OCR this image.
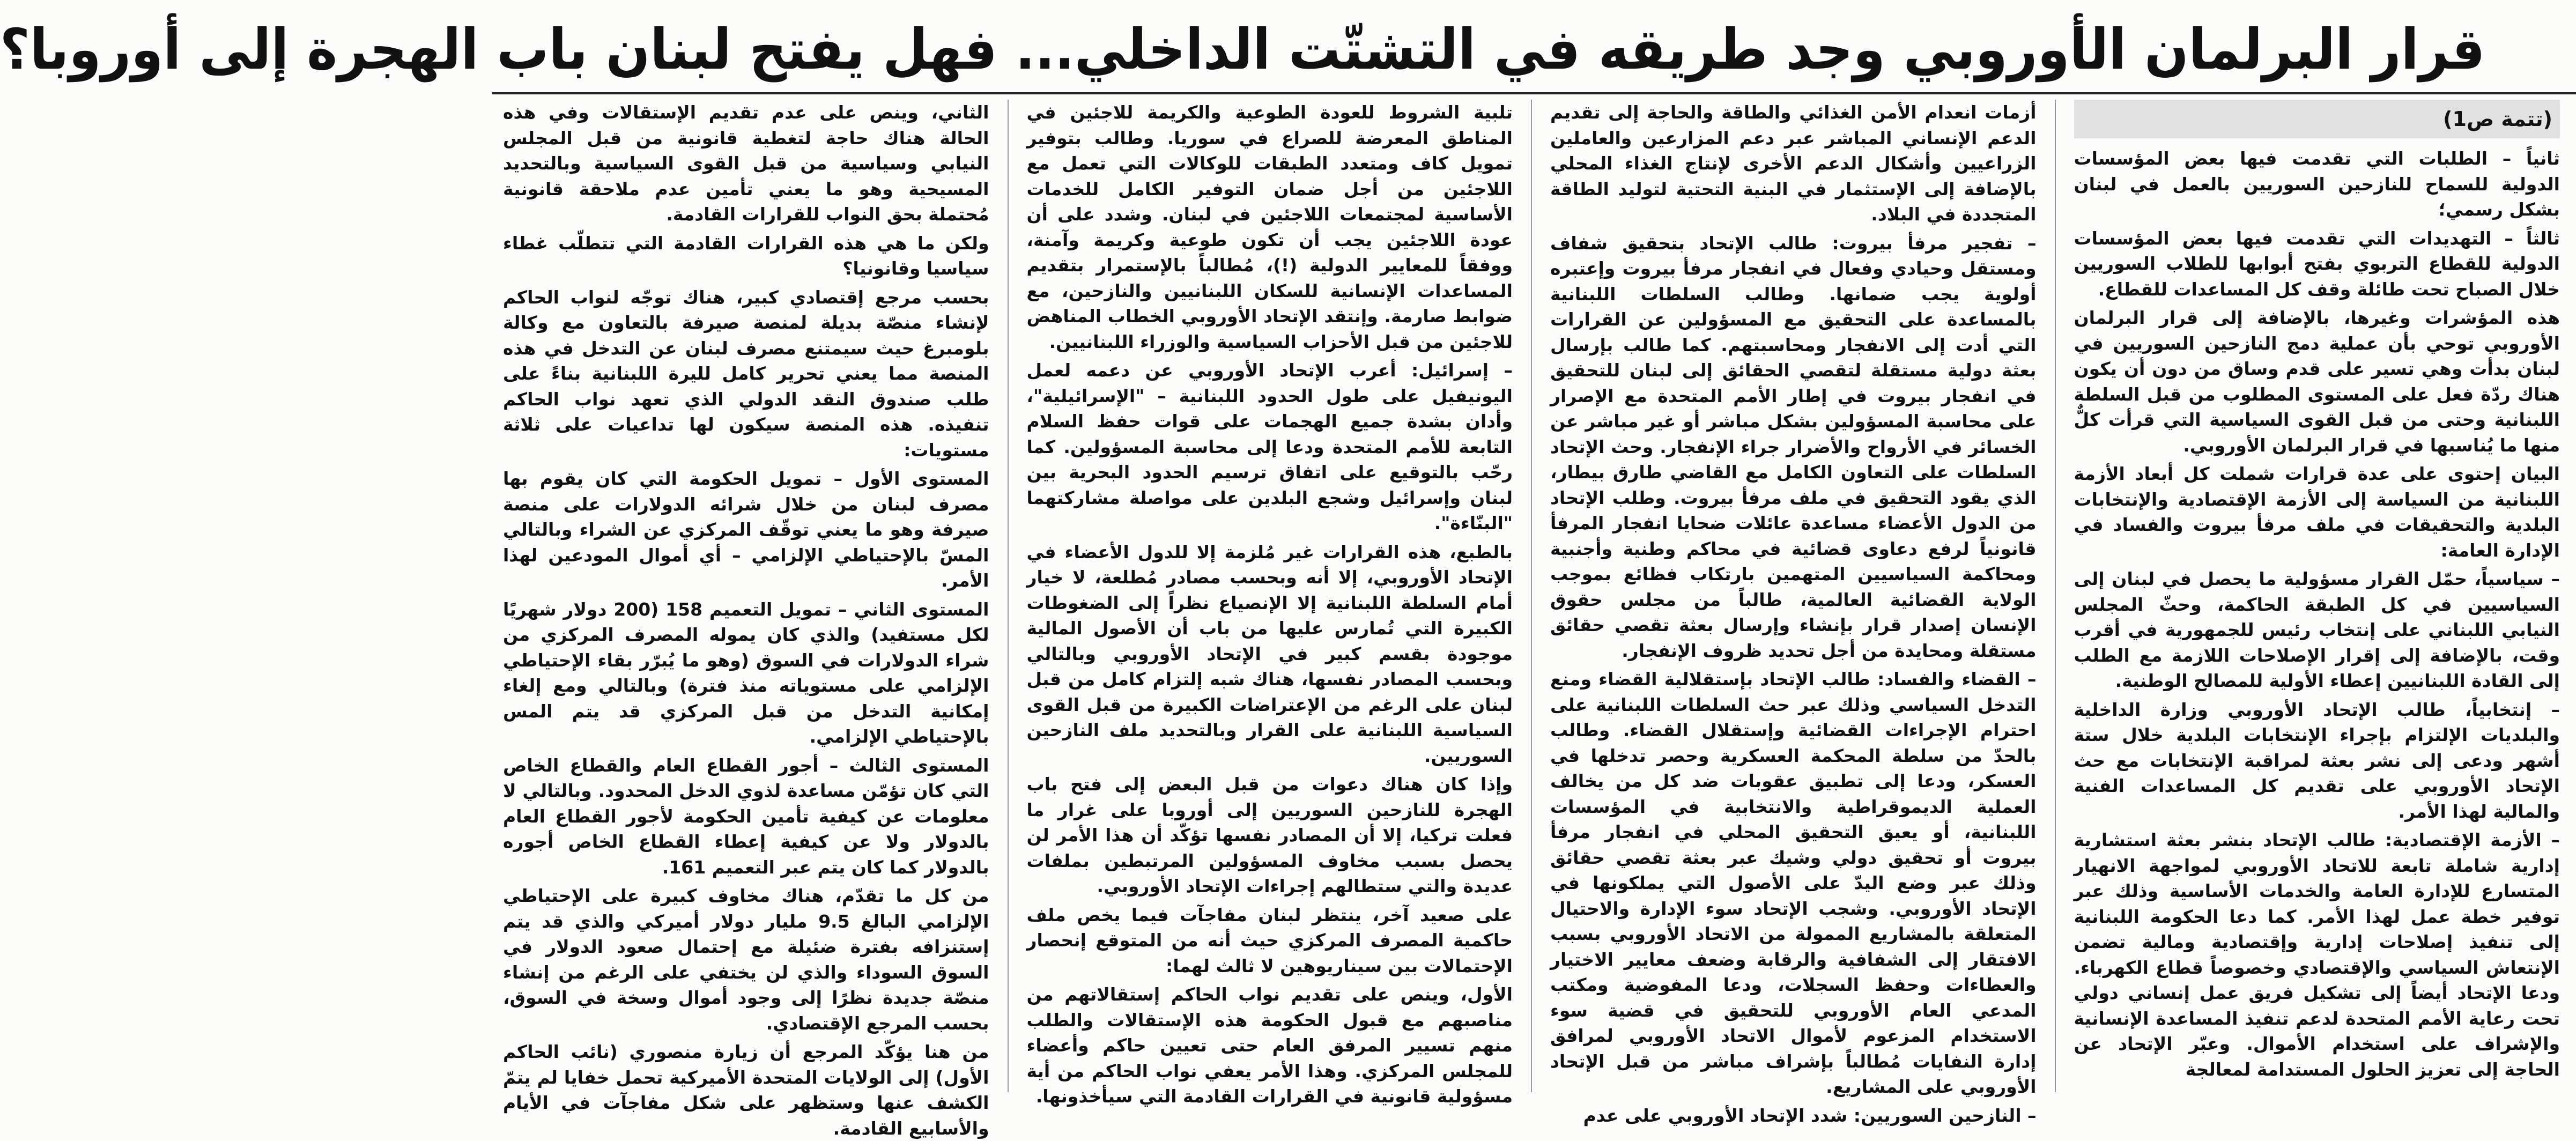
قرار البرلمان الأوروبي وجد طريقه في التشتّت الداخلي... فهل يفتح لبنان باب الهجرة إلى أوروبا؟
(تتمة ص1)

ثانياً – الطلبات التي تقدمت فيها بعض المؤسسات الدولية للسماح للنازحين السوريين بالعمل في لبنان بشكل رسمي؛

ثالثاً – التهديدات التي تقدمت فيها بعض المؤسسات الدولية للقطاع التربوي بفتح أبوابها للطلاب السوريين خلال الصباح تحت طائلة وقف كل المساعدات للقطاع.

هذه المؤشرات وغيرها، بالإضافة إلى قرار البرلمان الأوروبي توحي بأن عملية دمج النازحين السوريين في لبنان بدأت وهي تسير على قدم وساق من دون أن يكون هناك ردّة فعل على المستوى المطلوب من قبل السلطة اللبنانية وحتى من قبل القوى السياسية التي قرأت كلٌّ منها ما يُناسبها في قرار البرلمان الأوروبي.

البيان إحتوى على عدة قرارات شملت كل أبعاد الأزمة اللبنانية من السياسة إلى الأزمة الإقتصادية والإنتخابات البلدية والتحقيقات في ملف مرفأ بيروت والفساد في الإدارة العامة:

– سياسياً، حمّل القرار مسؤولية ما يحصل في لبنان إلى السياسيين في كل الطبقة الحاكمة، وحثّ المجلس النيابي اللبناني على إنتخاب رئيس للجمهورية في أقرب وقت، بالإضافة إلى إقرار الإصلاحات اللازمة مع الطلب إلى القادة اللبنانيين إعطاء الأولية للمصالح الوطنية.

– إنتخابياً، طالب الإتحاد الأوروبي وزارة الداخلية والبلديات الإلتزام بإجراء الإنتخابات البلدية خلال ستة أشهر ودعى إلى نشر بعثة لمراقبة الإنتخابات مع حث الإتحاد الأوروبي على تقديم كل المساعدات الفنية والمالية لهذا الأمر.

– الأزمة الإقتصادية: طالب الإتحاد بنشر بعثة استشارية إدارية شاملة تابعة للاتحاد الأوروبي لمواجهة الانهيار المتسارع للإدارة العامة والخدمات الأساسية وذلك عبر توفير خطة عمل لهذا الأمر. كما دعا الحكومة اللبنانية إلى تنفيذ إصلاحات إدارية وإقتصادية ومالية تضمن الإنتعاش السياسي والإقتصادي وخصوصاً قطاع الكهرباء. ودعا الإتحاد أيضاً إلى تشكيل فريق عمل إنساني دولي تحت رعاية الأمم المتحدة لدعم تنفيذ المساعدة الإنسانية والإشراف على استخدام الأموال. وعبّر الإتحاد عن الحاجة إلى تعزيز الحلول المستدامة لمعالجة

أزمات انعدام الأمن الغذائي والطاقة والحاجة إلى تقديم الدعم الإنساني المباشر عبر دعم المزارعين والعاملين الزراعيين وأشكال الدعم الأخرى لإنتاج الغذاء المحلي بالإضافة إلى الإستثمار في البنية التحتية لتوليد الطاقة المتجددة في البلاد.

– تفجير مرفأ بيروت: طالب الإتحاد بتحقيق شفاف ومستقل وحيادي وفعال في انفجار مرفأ بيروت وإعتبره أولوية يجب ضمانها. وطالب السلطات اللبنانية بالمساعدة على التحقيق مع المسؤولين عن القرارات التي أدت إلى الانفجار ومحاسبتهم. كما طالب بإرسال بعثة دولية مستقلة لتقصي الحقائق إلى لبنان للتحقيق في انفجار بيروت في إطار الأمم المتحدة مع الإصرار على محاسبة المسؤولين بشكل مباشر أو غير مباشر عن الخسائر في الأرواح والأضرار جراء الإنفجار. وحث الإتحاد السلطات على التعاون الكامل مع القاضي طارق بيطار، الذي يقود التحقيق في ملف مرفأ بيروت. وطلب الإتحاد من الدول الأعضاء مساعدة عائلات ضحايا انفجار المرفأ قانونياً لرفع دعاوى قضائية في محاكم وطنية وأجنبية ومحاكمة السياسيين المتهمين بارتكاب فظائع بموجب الولاية القضائية العالمية، طالباً من مجلس حقوق الإنسان إصدار قرار بإنشاء وإرسال بعثة تقصي حقائق مستقلة ومحايدة من أجل تحديد ظروف الإنفجار.

– القضاء والفساد: طالب الإتحاد بإستقلالية القضاء ومنع التدخل السياسي وذلك عبر حث السلطات اللبنانية على احترام الإجراءات القضائية وإستقلال القضاء. وطالب بالحدّ من سلطة المحكمة العسكرية وحصر تدخلها في العسكر، ودعا إلى تطبيق عقوبات ضد كل من يخالف العملية الديموقراطية والانتخابية في المؤسسات اللبنانية، أو يعيق التحقيق المحلي في انفجار مرفأ بيروت أو تحقيق دولي وشيك عبر بعثة تقصي حقائق وذلك عبر وضع اليدّ على الأصول التي يملكونها في الإتحاد الأوروبي. وشجب الإتحاد سوء الإدارة والاحتيال المتعلقة بالمشاريع الممولة من الاتحاد الأوروبي بسبب الافتقار إلى الشفافية والرقابة وضعف معايير الاختيار والعطاءات وحفظ السجلات، ودعا المفوضية ومكتب المدعي العام الأوروبي للتحقيق في قضية سوء الاستخدام المزعوم لأموال الاتحاد الأوروبي لمرافق إدارة النفايات مُطالباً بإشراف مباشر من قبل الإتحاد الأوروبي على المشاريع.

– النازحين السوريين: شدد الإتحاد الأوروبي على عدم

تلبية الشروط للعودة الطوعية والكريمة للاجئين في المناطق المعرضة للصراع في سوريا. وطالب بتوفير تمويل كاف ومتعدد الطبقات للوكالات التي تعمل مع اللاجئين من أجل ضمان التوفير الكامل للخدمات الأساسية لمجتمعات اللاجئين في لبنان. وشدد على أن عودة اللاجئين يجب أن تكون طوعية وكريمة وآمنة، ووفقاً للمعايير الدولية (!)، مُطالباً بالإستمرار بتقديم المساعدات الإنسانية للسكان اللبنانيين والنازحين، مع ضوابط صارمة. وإنتقد الإتحاد الأوروبي الخطاب المناهض للاجئين من قبل الأحزاب السياسية والوزراء اللبنانيين.

– إسرائيل: أعرب الإتحاد الأوروبي عن دعمه لعمل اليونيفيل على طول الحدود اللبنانية – "الإسرائيلية"، وأدان بشدة جميع الهجمات على قوات حفظ السلام التابعة للأمم المتحدة ودعا إلى محاسبة المسؤولين. كما رحّب بالتوقيع على اتفاق ترسيم الحدود البحرية بين لبنان وإسرائيل وشجع البلدين على مواصلة مشاركتهما "البنّاءة".

بالطبع، هذه القرارات غير مُلزمة إلا للدول الأعضاء في الإتحاد الأوروبي، إلا أنه وبحسب مصادر مُطلعة، لا خيار أمام السلطة اللبنانية إلا الإنصياع نظراً إلى الضغوطات الكبيرة التي تُمارس عليها من باب أن الأصول المالية موجودة بقسم كبير في الإتحاد الأوروبي وبالتالي وبحسب المصادر نفسها، هناك شبه إلتزام كامل من قبل لبنان على الرغم من الإعتراضات الكبيرة من قبل القوى السياسية اللبنانية على القرار وبالتحديد ملف النازحين السوريين.

وإذا كان هناك دعوات من قبل البعض إلى فتح باب الهجرة للنازحين السوريين إلى أوروبا على غرار ما فعلت تركيا، إلا أن المصادر نفسها تؤكّد أن هذا الأمر لن يحصل بسبب مخاوف المسؤولين المرتبطين بملفات عديدة والتي ستطالهم إجراءات الإتحاد الأوروبي.

على صعيد آخر، ينتظر لبنان مفاجآت فيما يخص ملف حاكمية المصرف المركزي حيث أنه من المتوقع إنحصار الإحتمالات بين سيناريوهين لا ثالث لهما:

الأول، وينص على تقديم نواب الحاكم إستقالاتهم من مناصبهم مع قبول الحكومة هذه الإستقالات والطلب منهم تسيير المرفق العام حتى تعيين حاكم وأعضاء للمجلس المركزي. وهذا الأمر يعفي نواب الحاكم من أية مسؤولية قانونية في القرارات القادمة التي سيأخذونها.

الثاني، وينص على عدم تقديم الإستقالات وفي هذه الحالة هناك حاجة لتغطية قانونية من قبل المجلس النيابي وسياسية من قبل القوى السياسية وبالتحديد المسيحية وهو ما يعني تأمين عدم ملاحقة قانونية مُحتملة بحق النواب للقرارات القادمة.

ولكن ما هي هذه القرارات القادمة التي تتطلّب غطاء سياسيا وقانونيا؟

بحسب مرجع إقتصادي كبير، هناك توجّه لنواب الحاكم لإنشاء منصّة بديلة لمنصة صيرفة بالتعاون مع وكالة بلومبرغ حيث سيمتنع مصرف لبنان عن التدخل في هذه المنصة مما يعني تحرير كامل لليرة اللبنانية بناءً على طلب صندوق النقد الدولي الذي تعهد نواب الحاكم تنفيذه. هذه المنصة سيكون لها تداعيات على ثلاثة مستويات:

المستوى الأول – تمويل الحكومة التي كان يقوم بها مصرف لبنان من خلال شرائه الدولارات على منصة صيرفة وهو ما يعني توقّف المركزي عن الشراء وبالتالي المسّ بالإحتياطي الإلزامي – أي أموال المودعين لهذا الأمر.

المستوى الثاني – تمويل التعميم 158 (200 دولار شهريًا لكل مستفيد) والذي كان يموله المصرف المركزي من شراء الدولارات في السوق (وهو ما يُبرّر بقاء الإحتياطي الإلزامي على مستوياته منذ فترة) وبالتالي ومع إلغاء إمكانية التدخل من قبل المركزي قد يتم المس بالإحتياطي الإلزامي.

المستوى الثالث – أجور القطاع العام والقطاع الخاص التي كان تؤمّن مساعدة لذوي الدخل المحدود. وبالتالي لا معلومات عن كيفية تأمين الحكومة لأجور القطاع العام بالدولار ولا عن كيفية إعطاء القطاع الخاص أجوره بالدولار كما كان يتم عبر التعميم 161.

من كل ما تقدّم، هناك مخاوف كبيرة على الإحتياطي الإلزامي البالغ 9.5 مليار دولار أميركي والذي قد يتم إستنزافه بفترة ضئيلة مع إحتمال صعود الدولار في السوق السوداء والذي لن يختفي على الرغم من إنشاء منصّة جديدة نظرًا إلى وجود أموال وسخة في السوق، بحسب المرجع الإقتصادي.

من هنا يؤكّد المرجع أن زيارة منصوري (نائب الحاكم الأول) إلى الولايات المتحدة الأميركية تحمل خفايا لم يتمّ الكشف عنها وستظهر على شكل مفاجآت في الأيام والأسابيع القادمة.
